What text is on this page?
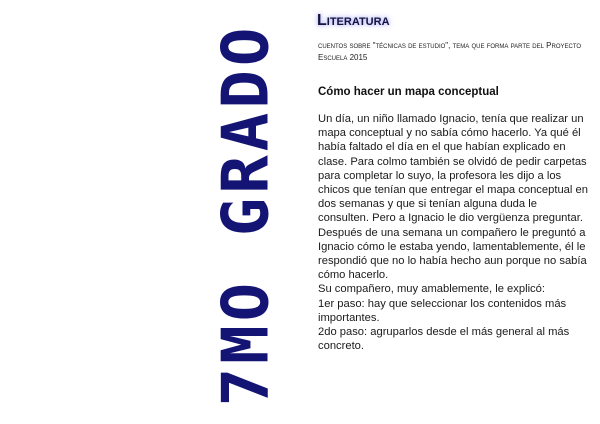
7MO GRADO
Literatura
cuentos sobre "técnicas de estudio", tema que forma parte del Proyecto Escuela 2015
Cómo hacer un mapa conceptual

Un día, un niño llamado Ignacio, tenía que realizar un mapa conceptual y no sabía cómo hacerlo. Ya qué él había faltado el día en el que habían explicado en clase. Para colmo también se olvidó de pedir carpetas para completar lo suyo, la profesora les dijo a los chicos que tenían que entregar el mapa conceptual en dos semanas y que si tenían alguna duda le consulten. Pero a Ignacio le dio vergüenza preguntar.

Después de una semana un compañero le preguntó a Ignacio cómo le estaba yendo, lamentablemente, él le respondió que no lo había hecho aun porque no sabía cómo hacerlo.

Su compañero, muy amablemente, le explicó:

1er paso: hay que seleccionar los contenidos más importantes.

2do paso: agruparlos desde el más general al más concreto.
